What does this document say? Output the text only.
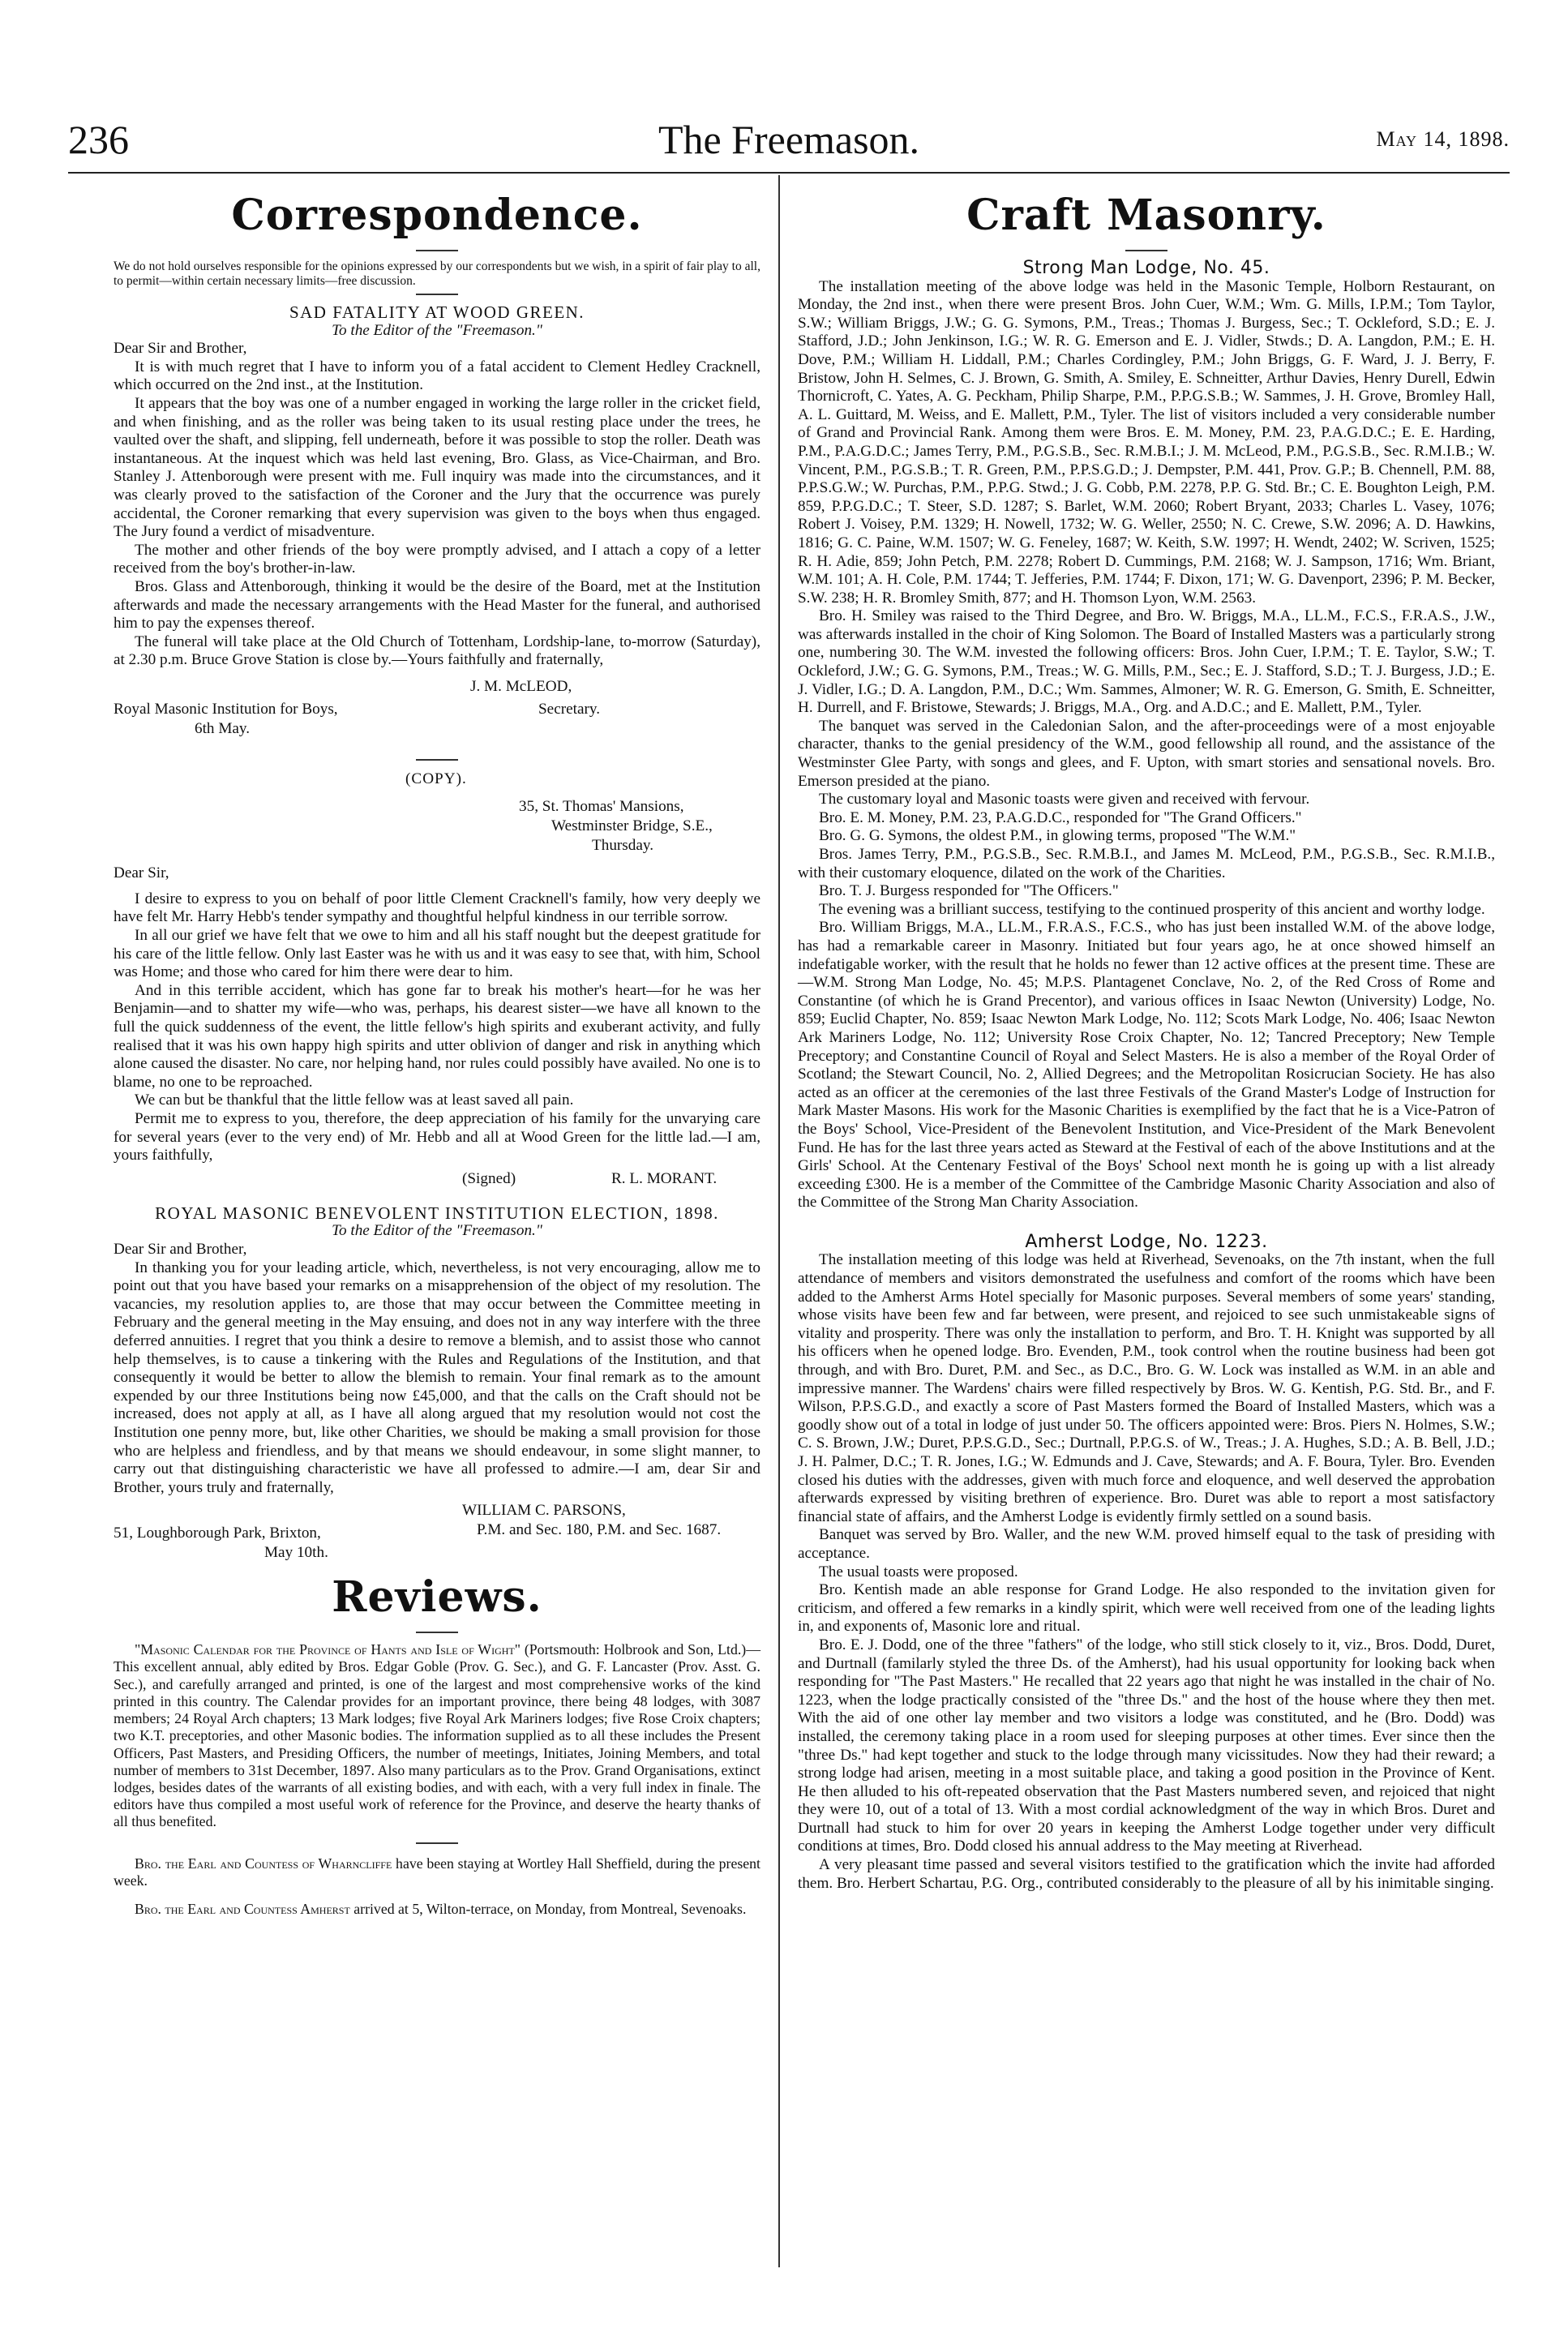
236	The Freemason.	May 14, 1898.
Correspondence.

We do not hold ourselves responsible for the opinions expressed by our correspondents but we wish, in a spirit of fair play to all, to permit—within certain necessary limits—free discussion.

SAD FATALITY AT WOOD GREEN.

To the Editor of the "Freemason."

Dear Sir and Brother,

It is with much regret that I have to inform you of a fatal accident to Clement Hedley Cracknell, which occurred on the 2nd inst., at the Institution.

It appears that the boy was one of a number engaged in working the large roller in the cricket field, and when finishing, and as the roller was being taken to its usual resting place under the trees, he vaulted over the shaft, and slipping, fell underneath, before it was possible to stop the roller. Death was instantaneous. At the inquest which was held last evening, Bro. Glass, as Vice-Chairman, and Bro. Stanley J. Attenborough were present with me. Full inquiry was made into the circumstances, and it was clearly proved to the satisfaction of the Coroner and the Jury that the occurrence was purely accidental, the Coroner remarking that every supervision was given to the boys when thus engaged. The Jury found a verdict of misadventure.

The mother and other friends of the boy were promptly advised, and I attach a copy of a letter received from the boy's brother-in-law.

Bros. Glass and Attenborough, thinking it would be the desire of the Board, met at the Institution afterwards and made the necessary arrangements with the Head Master for the funeral, and authorised him to pay the expenses thereof.

The funeral will take place at the Old Church of Tottenham, Lordship-lane, to-morrow (Saturday), at 2.30 p.m. Bruce Grove Station is close by.—Yours faithfully and fraternally,

J. M. McLEOD,
Royal Masonic Institution for Boys,	Secretary.
6th May.
(COPY).
35, St. Thomas' Mansions,
Westminster Bridge, S.E.,
Thursday.
Dear Sir,

I desire to express to you on behalf of poor little Clement Cracknell's family, how very deeply we have felt Mr. Harry Hebb's tender sympathy and thoughtful helpful kindness in our terrible sorrow.

In all our grief we have felt that we owe to him and all his staff nought but the deepest gratitude for his care of the little fellow. Only last Easter was he with us and it was easy to see that, with him, School was Home; and those who cared for him there were dear to him.

And in this terrible accident, which has gone far to break his mother's heart—for he was her Benjamin—and to shatter my wife—who was, perhaps, his dearest sister—we have all known to the full the quick suddenness of the event, the little fellow's high spirits and exuberant activity, and fully realised that it was his own happy high spirits and utter oblivion of danger and risk in anything which alone caused the disaster. No care, nor helping hand, nor rules could possibly have availed. No one is to blame, no one to be reproached.

We can but be thankful that the little fellow was at least saved all pain.

Permit me to express to you, therefore, the deep appreciation of his family for the unvarying care for several years (ever to the very end) of Mr. Hebb and all at Wood Green for the little lad.—I am, yours faithfully,

(Signed)	R. L. MORANT.

ROYAL MASONIC BENEVOLENT INSTITUTION ELECTION, 1898.

To the Editor of the "Freemason."

Dear Sir and Brother,

In thanking you for your leading article, which, nevertheless, is not very encouraging, allow me to point out that you have based your remarks on a misapprehension of the object of my resolution. The vacancies, my resolution applies to, are those that may occur between the Committee meeting in February and the general meeting in the May ensuing, and does not in any way interfere with the three deferred annuities. I regret that you think a desire to remove a blemish, and to assist those who cannot help themselves, is to cause a tinkering with the Rules and Regulations of the Institution, and that consequently it would be better to allow the blemish to remain. Your final remark as to the amount expended by our three Institutions being now £45,000, and that the calls on the Craft should not be increased, does not apply at all, as I have all along argued that my resolution would not cost the Institution one penny more, but, like other Charities, we should be making a small provision for those who are helpless and friendless, and by that means we should endeavour, in some slight manner, to carry out that distinguishing characteristic we have all professed to admire.—I am, dear Sir and Brother, yours truly and fraternally,

WILLIAM C. PARSONS,
P.M. and Sec. 180, P.M. and Sec. 1687.
51, Loughborough Park, Brixton,
May 10th.
Reviews.

"Masonic Calendar for the Province of Hants and Isle of Wight" (Portsmouth: Holbrook and Son, Ltd.)—This excellent annual, ably edited by Bros. Edgar Goble (Prov. G. Sec.), and G. F. Lancaster (Prov. Asst. G. Sec.), and carefully arranged and printed, is one of the largest and most comprehensive works of the kind printed in this country. The Calendar provides for an important province, there being 48 lodges, with 3087 members; 24 Royal Arch chapters; 13 Mark lodges; five Royal Ark Mariners lodges; five Rose Croix chapters; two K.T. preceptories, and other Masonic bodies. The information supplied as to all these includes the Present Officers, Past Masters, and Presiding Officers, the number of meetings, Initiates, Joining Members, and total number of members to 31st December, 1897. Also many particulars as to the Prov. Grand Organisations, extinct lodges, besides dates of the warrants of all existing bodies, and with each, with a very full index in finale. The editors have thus compiled a most useful work of reference for the Province, and deserve the hearty thanks of all thus benefited.

Bro. the Earl and Countess of Wharncliffe have been staying at Wortley Hall Sheffield, during the present week.

Bro. the Earl and Countess Amherst arrived at 5, Wilton-terrace, on Monday, from Montreal, Sevenoaks.

Craft Masonry.

Strong Man Lodge, No. 45.

The installation meeting of the above lodge was held in the Masonic Temple, Holborn Restaurant, on Monday, the 2nd inst., when there were present Bros. John Cuer, W.M.; Wm. G. Mills, I.P.M.; Tom Taylor, S.W.; William Briggs, J.W.; G. G. Symons, P.M., Treas.; Thomas J. Burgess, Sec.; T. Ockleford, S.D.; E. J. Stafford, J.D.; John Jenkinson, I.G.; W. R. G. Emerson and E. J. Vidler, Stwds.; D. A. Langdon, P.M.; E. H. Dove, P.M.; William H. Liddall, P.M.; Charles Cordingley, P.M.; John Briggs, G. F. Ward, J. J. Berry, F. Bristow, John H. Selmes, C. J. Brown, G. Smith, A. Smiley, E. Schneitter, Arthur Davies, Henry Durell, Edwin Thornicroft, C. Yates, A. G. Peckham, Philip Sharpe, P.M., P.P.G.S.B.; W. Sammes, J. H. Grove, Bromley Hall, A. L. Guittard, M. Weiss, and E. Mallett, P.M., Tyler. The list of visitors included a very considerable number of Grand and Provincial Rank. Among them were Bros. E. M. Money, P.M. 23, P.A.G.D.C.; E. E. Harding, P.M., P.A.G.D.C.; James Terry, P.M., P.G.S.B., Sec. R.M.B.I.; J. M. McLeod, P.M., P.G.S.B., Sec. R.M.I.B.; W. Vincent, P.M., P.G.S.B.; T. R. Green, P.M., P.P.S.G.D.; J. Dempster, P.M. 441, Prov. G.P.; B. Chennell, P.M. 88, P.P.S.G.W.; W. Purchas, P.M., P.P.G. Stwd.; J. G. Cobb, P.M. 2278, P.P. G. Std. Br.; C. E. Boughton Leigh, P.M. 859, P.P.G.D.C.; T. Steer, S.D. 1287; S. Barlet, W.M. 2060; Robert Bryant, 2033; Charles L. Vasey, 1076; Robert J. Voisey, P.M. 1329; H. Nowell, 1732; W. G. Weller, 2550; N. C. Crewe, S.W. 2096; A. D. Hawkins, 1816; G. C. Paine, W.M. 1507; W. G. Feneley, 1687; W. Keith, S.W. 1997; H. Wendt, 2402; W. Scriven, 1525; R. H. Adie, 859; John Petch, P.M. 2278; Robert D. Cummings, P.M. 2168; W. J. Sampson, 1716; Wm. Briant, W.M. 101; A. H. Cole, P.M. 1744; T. Jefferies, P.M. 1744; F. Dixon, 171; W. G. Davenport, 2396; P. M. Becker, S.W. 238; H. R. Bromley Smith, 877; and H. Thomson Lyon, W.M. 2563.

Bro. H. Smiley was raised to the Third Degree, and Bro. W. Briggs, M.A., LL.M., F.C.S., F.R.A.S., J.W., was afterwards installed in the choir of King Solomon. The Board of Installed Masters was a particularly strong one, numbering 30. The W.M. invested the following officers: Bros. John Cuer, I.P.M.; T. E. Taylor, S.W.; T. Ockleford, J.W.; G. G. Symons, P.M., Treas.; W. G. Mills, P.M., Sec.; E. J. Stafford, S.D.; T. J. Burgess, J.D.; E. J. Vidler, I.G.; D. A. Langdon, P.M., D.C.; Wm. Sammes, Almoner; W. R. G. Emerson, G. Smith, E. Schneitter, H. Durrell, and F. Bristowe, Stewards; J. Briggs, M.A., Org. and A.D.C.; and E. Mallett, P.M., Tyler.

The banquet was served in the Caledonian Salon, and the after-proceedings were of a most enjoyable character, thanks to the genial presidency of the W.M., good fellowship all round, and the assistance of the Westminster Glee Party, with songs and glees, and F. Upton, with smart stories and sensational novels. Bro. Emerson presided at the piano.

The customary loyal and Masonic toasts were given and received with fervour.

Bro. E. M. Money, P.M. 23, P.A.G.D.C., responded for "The Grand Officers."

Bro. G. G. Symons, the oldest P.M., in glowing terms, proposed "The W.M."

Bros. James Terry, P.M., P.G.S.B., Sec. R.M.B.I., and James M. McLeod, P.M., P.G.S.B., Sec. R.M.I.B., with their customary eloquence, dilated on the work of the Charities.

Bro. T. J. Burgess responded for "The Officers."

The evening was a brilliant success, testifying to the continued prosperity of this ancient and worthy lodge.

Bro. William Briggs, M.A., LL.M., F.R.A.S., F.C.S., who has just been installed W.M. of the above lodge, has had a remarkable career in Masonry. Initiated but four years ago, he at once showed himself an indefatigable worker, with the result that he holds no fewer than 12 active offices at the present time. These are—W.M. Strong Man Lodge, No. 45; M.P.S. Plantagenet Conclave, No. 2, of the Red Cross of Rome and Constantine (of which he is Grand Precentor), and various offices in Isaac Newton (University) Lodge, No. 859; Euclid Chapter, No. 859; Isaac Newton Mark Lodge, No. 112; Scots Mark Lodge, No. 406; Isaac Newton Ark Mariners Lodge, No. 112; University Rose Croix Chapter, No. 12; Tancred Preceptory; New Temple Preceptory; and Constantine Council of Royal and Select Masters. He is also a member of the Royal Order of Scotland; the Stewart Council, No. 2, Allied Degrees; and the Metropolitan Rosicrucian Society. He has also acted as an officer at the ceremonies of the last three Festivals of the Grand Master's Lodge of Instruction for Mark Master Masons. His work for the Masonic Charities is exemplified by the fact that he is a Vice-Patron of the Boys' School, Vice-President of the Benevolent Institution, and Vice-President of the Mark Benevolent Fund. He has for the last three years acted as Steward at the Festival of each of the above Institutions and at the Girls' School. At the Centenary Festival of the Boys' School next month he is going up with a list already exceeding £300. He is a member of the Committee of the Cambridge Masonic Charity Association and also of the Committee of the Strong Man Charity Association.

Amherst Lodge, No. 1223.

The installation meeting of this lodge was held at Riverhead, Sevenoaks, on the 7th instant, when the full attendance of members and visitors demonstrated the usefulness and comfort of the rooms which have been added to the Amherst Arms Hotel specially for Masonic purposes. Several members of some years' standing, whose visits have been few and far between, were present, and rejoiced to see such unmistakeable signs of vitality and prosperity. There was only the installation to perform, and Bro. T. H. Knight was supported by all his officers when he opened lodge. Bro. Evenden, P.M., took control when the routine business had been got through, and with Bro. Duret, P.M. and Sec., as D.C., Bro. G. W. Lock was installed as W.M. in an able and impressive manner. The Wardens' chairs were filled respectively by Bros. W. G. Kentish, P.G. Std. Br., and F. Wilson, P.P.S.G.D., and exactly a score of Past Masters formed the Board of Installed Masters, which was a goodly show out of a total in lodge of just under 50. The officers appointed were: Bros. Piers N. Holmes, S.W.; C. S. Brown, J.W.; Duret, P.P.S.G.D., Sec.; Durtnall, P.P.G.S. of W., Treas.; J. A. Hughes, S.D.; A. B. Bell, J.D.; J. H. Palmer, D.C.; T. R. Jones, I.G.; W. Edmunds and J. Cave, Stewards; and A. F. Boura, Tyler. Bro. Evenden closed his duties with the addresses, given with much force and eloquence, and well deserved the approbation afterwards expressed by visiting brethren of experience. Bro. Duret was able to report a most satisfactory financial state of affairs, and the Amherst Lodge is evidently firmly settled on a sound basis.

Banquet was served by Bro. Waller, and the new W.M. proved himself equal to the task of presiding with acceptance.

The usual toasts were proposed.

Bro. Kentish made an able response for Grand Lodge. He also responded to the invitation given for criticism, and offered a few remarks in a kindly spirit, which were well received from one of the leading lights in, and exponents of, Masonic lore and ritual.

Bro. E. J. Dodd, one of the three "fathers" of the lodge, who still stick closely to it, viz., Bros. Dodd, Duret, and Durtnall (familarly styled the three Ds. of the Amherst), had his usual opportunity for looking back when responding for "The Past Masters." He recalled that 22 years ago that night he was installed in the chair of No. 1223, when the lodge practically consisted of the "three Ds." and the host of the house where they then met. With the aid of one other lay member and two visitors a lodge was constituted, and he (Bro. Dodd) was installed, the ceremony taking place in a room used for sleeping purposes at other times. Ever since then the "three Ds." had kept together and stuck to the lodge through many vicissitudes. Now they had their reward; a strong lodge had arisen, meeting in a most suitable place, and taking a good position in the Province of Kent. He then alluded to his oft-repeated observation that the Past Masters numbered seven, and rejoiced that night they were 10, out of a total of 13. With a most cordial acknowledgment of the way in which Bros. Duret and Durtnall had stuck to him for over 20 years in keeping the Amherst Lodge together under very difficult conditions at times, Bro. Dodd closed his annual address to the May meeting at Riverhead.

A very pleasant time passed and several visitors testified to the gratification which the invite had afforded them. Bro. Herbert Schartau, P.G. Org., contributed considerably to the pleasure of all by his inimitable singing.
